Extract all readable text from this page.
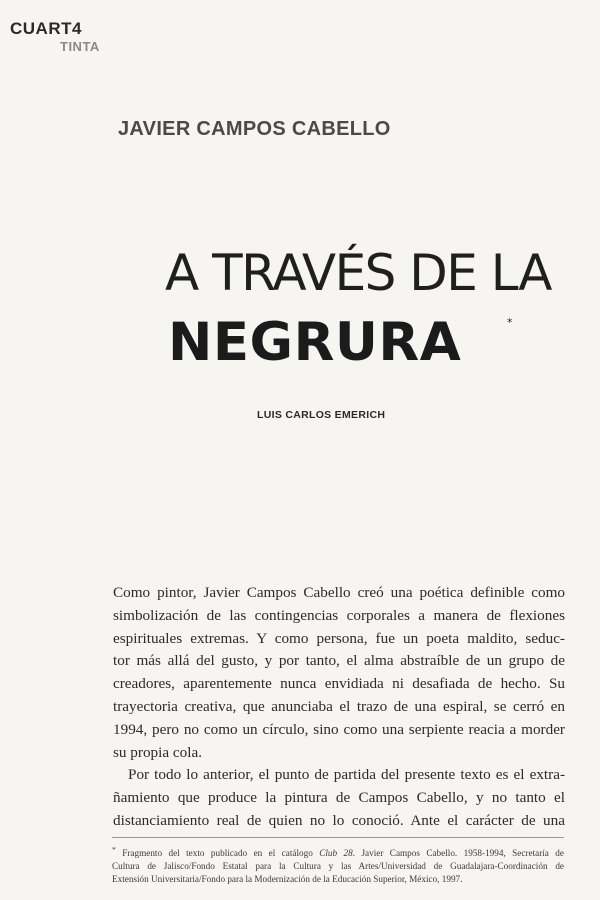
CUART4
TINTA
JAVIER CAMPOS CABELLO
A TRAVÉS DE LA
NEGRURA	*
LUIS CARLOS EMERICH
Como pintor, Javier Campos Cabello creó una poética definible como
simbolización de las contingencias corporales a manera de flexiones
espirituales extremas. Y como persona, fue un poeta maldito, seduc-
tor más allá del gusto, y por tanto, el alma abstraíble de un grupo de
creadores, aparentemente nunca envidiada ni desafiada de hecho. Su
trayectoria creativa, que anunciaba el trazo de una espiral, se cerró en
1994, pero no como un círculo, sino como una serpiente reacia a morder
su propia cola.
Por todo lo anterior, el punto de partida del presente texto es el extra-
ñamiento que produce la pintura de Campos Cabello, y no tanto el
distanciamiento real de quien no lo conoció. Ante el carácter de una
* Fragmento del texto publicado en el catálogo Club 28. Javier Campos Cabello. 1958-1994, Secretaría de
Cultura de Jalisco/Fondo Estatal para la Cultura y las Artes/Universidad de Guadalajara-Coordinación de
Extensión Universitaria/Fondo para la Modernización de la Educación Superior, México, 1997.
